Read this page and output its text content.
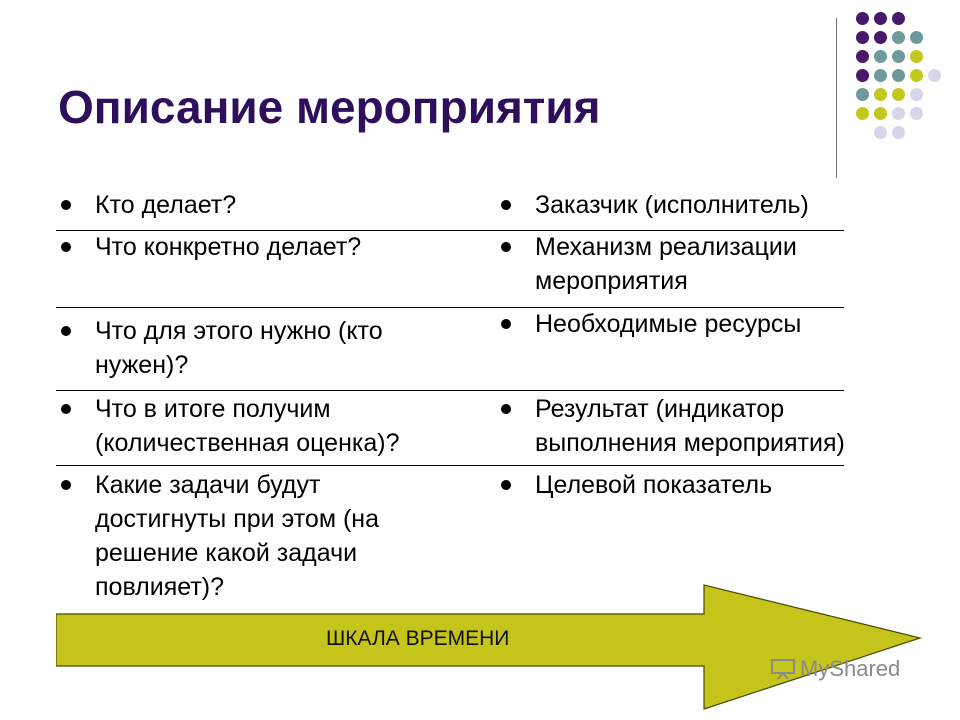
Описание мероприятия
Кто делает?	Заказчик (исполнитель)
Что конкретно делает?	Механизм реализации мероприятия
Что для этого нужно (кто нужен)?
Необходимые ресурсы
Что в итоге получим (количественная оценка)?
Результат (индикатор выполнения мероприятия)
Какие задачи будут достигнуты при этом (на решение какой задачи повлияет)?
Целевой показатель
ШКАЛА ВРЕМЕНИ
MyShared
